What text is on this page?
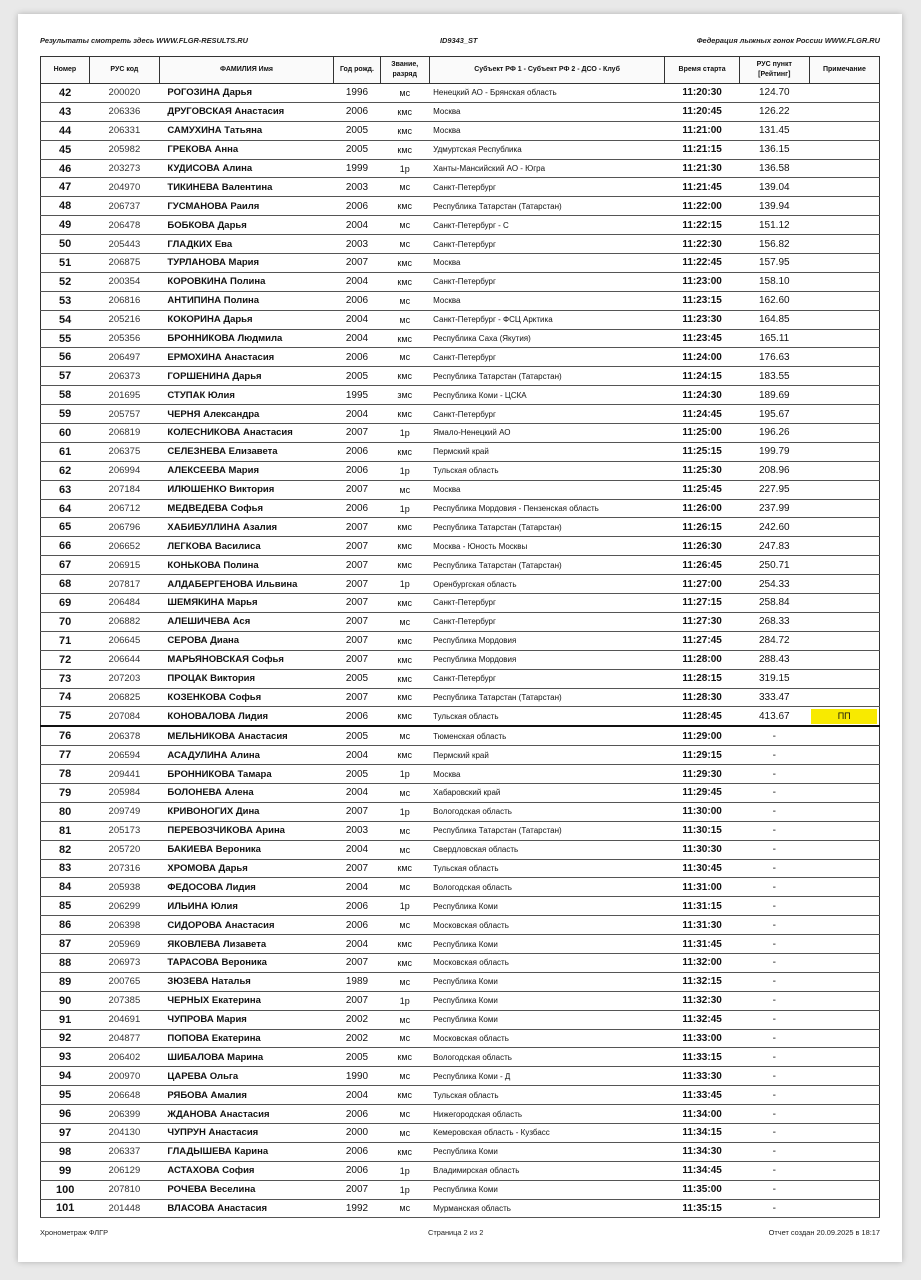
Результаты смотреть здесь WWW.FLGR-RESULTS.RU	ID9343_ST	Федерация лыжных гонок России WWW.FLGR.RU
Номер	РУС код	ФАМИЛИЯ Имя	Год рожд.	Звание, разряд	Субъект РФ 1 - Субъект РФ 2 - ДСО - Клуб	Время старта	РУС пункт [Рейтинг]	Примечание
42	200020	РОГОЗИНА Дарья	1996	мс	Ненецкий АО - Брянская область	11:20:30	124.70	
43	206336	ДРУГОВСКАЯ Анастасия	2006	кмс	Москва	11:20:45	126.22	
44	206331	САМУХИНА Татьяна	2005	кмс	Москва	11:21:00	131.45	
45	205982	ГРЕКОВА Анна	2005	кмс	Удмуртская Республика	11:21:15	136.15	
46	203273	КУДИСОВА Алина	1999	1р	Ханты-Мансийский АО - Югра	11:21:30	136.58	
47	204970	ТИКИНЕВА Валентина	2003	мс	Санкт-Петербург	11:21:45	139.04	
48	206737	ГУСМАНОВА Раиля	2006	кмс	Республика Татарстан (Татарстан)	11:22:00	139.94	
49	206478	БОБКОВА Дарья	2004	мс	Санкт-Петербург - С	11:22:15	151.12	
50	205443	ГЛАДКИХ Ева	2003	мс	Санкт-Петербург	11:22:30	156.82	
51	206875	ТУРЛАНОВА Мария	2007	кмс	Москва	11:22:45	157.95	
52	200354	КОРОВКИНА Полина	2004	кмс	Санкт-Петербург	11:23:00	158.10	
53	206816	АНТИПИНА Полина	2006	мс	Москва	11:23:15	162.60	
54	205216	КОКОРИНА Дарья	2004	мс	Санкт-Петербург - ФСЦ Арктика	11:23:30	164.85	
55	205356	БРОННИКОВА Людмила	2004	кмс	Республика Саха (Якутия)	11:23:45	165.11	
56	206497	ЕРМОХИНА Анастасия	2006	мс	Санкт-Петербург	11:24:00	176.63	
57	206373	ГОРШЕНИНА Дарья	2005	кмс	Республика Татарстан (Татарстан)	11:24:15	183.55	
58	201695	СТУПАК Юлия	1995	змс	Республика Коми - ЦСКА	11:24:30	189.69	
59	205757	ЧЕРНЯ Александра	2004	кмс	Санкт-Петербург	11:24:45	195.67	
60	206819	КОЛЕСНИКОВА Анастасия	2007	1р	Ямало-Ненецкий АО	11:25:00	196.26	
61	206375	СЕЛЕЗНЕВА Елизавета	2006	кмс	Пермский край	11:25:15	199.79	
62	206994	АЛЕКСЕЕВА Мария	2006	1р	Тульская область	11:25:30	208.96	
63	207184	ИЛЮШЕНКО Виктория	2007	мс	Москва	11:25:45	227.95	
64	206712	МЕДВЕДЕВА Софья	2006	1р	Республика Мордовия - Пензенская область	11:26:00	237.99	
65	206796	ХАБИБУЛЛИНА Азалия	2007	кмс	Республика Татарстан (Татарстан)	11:26:15	242.60	
66	206652	ЛЕГКОВА Василиса	2007	кмс	Москва - Юность Москвы	11:26:30	247.83	
67	206915	КОНЬКОВА Полина	2007	кмс	Республика Татарстан (Татарстан)	11:26:45	250.71	
68	207817	АЛДАБЕРГЕНОВА Ильвина	2007	1р	Оренбургская область	11:27:00	254.33	
69	206484	ШЕМЯКИНА Марья	2007	кмс	Санкт-Петербург	11:27:15	258.84	
70	206882	АЛЕШИЧЕВА Ася	2007	мс	Санкт-Петербург	11:27:30	268.33	
71	206645	СЕРОВА Диана	2007	кмс	Республика Мордовия	11:27:45	284.72	
72	206644	МАРЬЯНОВСКАЯ Софья	2007	кмс	Республика Мордовия	11:28:00	288.43	
73	207203	ПРОЦАК Виктория	2005	кмс	Санкт-Петербург	11:28:15	319.15	
74	206825	КОЗЕНКОВА Софья	2007	кмс	Республика Татарстан (Татарстан)	11:28:30	333.47	
75	207084	КОНОВАЛОВА Лидия	2006	кмс	Тульская область	11:28:45	413.67	ПП
76	206378	МЕЛЬНИКОВА Анастасия	2005	мс	Тюменская область	11:29:00	-	
77	206594	АСАДУЛИНА Алина	2004	кмс	Пермский край	11:29:15	-	
78	209441	БРОННИКОВА Тамара	2005	1р	Москва	11:29:30	-	
79	205984	БОЛОНЕВА Алена	2004	мс	Хабаровский край	11:29:45	-	
80	209749	КРИВОНОГИХ Дина	2007	1р	Вологодская область	11:30:00	-	
81	205173	ПЕРЕВОЗЧИКОВА Арина	2003	мс	Республика Татарстан (Татарстан)	11:30:15	-	
82	205720	БАКИЕВА Вероника	2004	мс	Свердловская область	11:30:30	-	
83	207316	ХРОМОВА Дарья	2007	кмс	Тульская область	11:30:45	-	
84	205938	ФЕДОСОВА Лидия	2004	мс	Вологодская область	11:31:00	-	
85	206299	ИЛЬИНА Юлия	2006	1р	Республика Коми	11:31:15	-	
86	206398	СИДОРОВА Анастасия	2006	мс	Московская область	11:31:30	-	
87	205969	ЯКОВЛЕВА Лизавета	2004	кмс	Республика Коми	11:31:45	-	
88	206973	ТАРАСОВА Вероника	2007	кмс	Московская область	11:32:00	-	
89	200765	ЗЮЗЕВА Наталья	1989	мс	Республика Коми	11:32:15	-	
90	207385	ЧЕРНЫХ Екатерина	2007	1р	Республика Коми	11:32:30	-	
91	204691	ЧУПРОВА Мария	2002	мс	Республика Коми	11:32:45	-	
92	204877	ПОПОВА Екатерина	2002	мс	Московская область	11:33:00	-	
93	206402	ШИБАЛОВА Марина	2005	кмс	Вологодская область	11:33:15	-	
94	200970	ЦАРЕВА Ольга	1990	мс	Республика Коми - Д	11:33:30	-	
95	206648	РЯБОВА Амалия	2004	кмс	Тульская область	11:33:45	-	
96	206399	ЖДАНОВА Анастасия	2006	мс	Нижегородская область	11:34:00	-	
97	204130	ЧУПРУН Анастасия	2000	мс	Кемеровская область - Кузбасс	11:34:15	-	
98	206337	ГЛАДЫШЕВА Карина	2006	кмс	Республика Коми	11:34:30	-	
99	206129	АСТАХОВА София	2006	1р	Владимирская область	11:34:45	-	
100	207810	РОЧЕВА Веселина	2007	1р	Республика Коми	11:35:00	-	
101	201448	ВЛАСОВА Анастасия	1992	мс	Мурманская область	11:35:15	-	
Хронометраж ФЛГР	Страница 2 из 2	Отчет создан 20.09.2025 в 18:17
